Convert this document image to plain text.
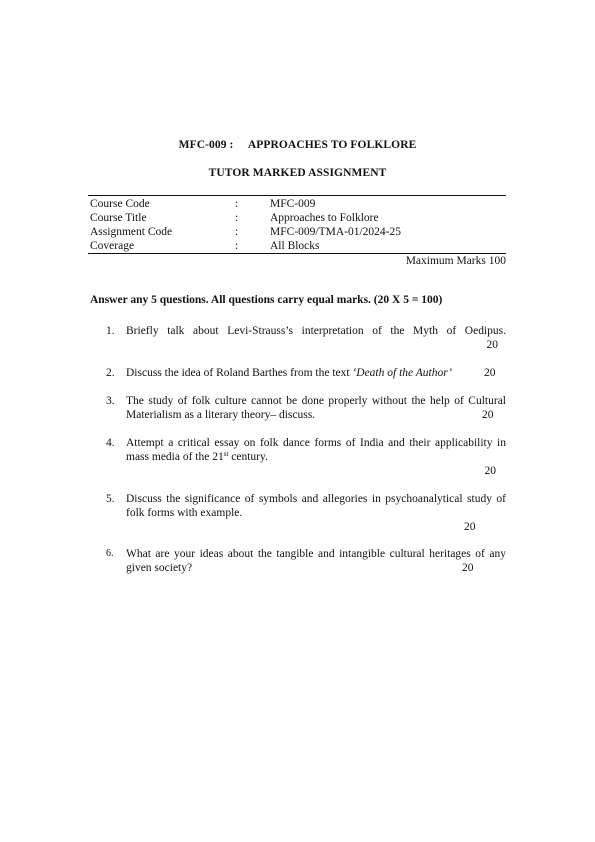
MFC-009 : APPROACHES TO FOLKLORE
TUTOR MARKED ASSIGNMENT
Course Code	:	MFC-009
Course Title	:	Approaches to Folklore
Assignment Code	:	MFC-009/TMA-01/2024-25
Coverage	:	All Blocks
Maximum Marks 100
Answer any 5 questions. All questions carry equal marks. (20 X 5 = 100)
1. Briefly talk about Levi-Strauss’s interpretation of the Myth of Oedipus.
20
2. Discuss the idea of Roland Barthes from the text ‘Death of the Author’	20
3. The study of folk culture cannot be done properly without the help of Cultural Materialism as a literary theory– discuss.	20
4. Attempt a critical essay on folk dance forms of India and their applicability in mass media of the 21st century.
20
5. Discuss the significance of symbols and allegories in psychoanalytical study of folk forms with example.
20
6.	What are your ideas about the tangible and intangible cultural heritages of any given society?	20
